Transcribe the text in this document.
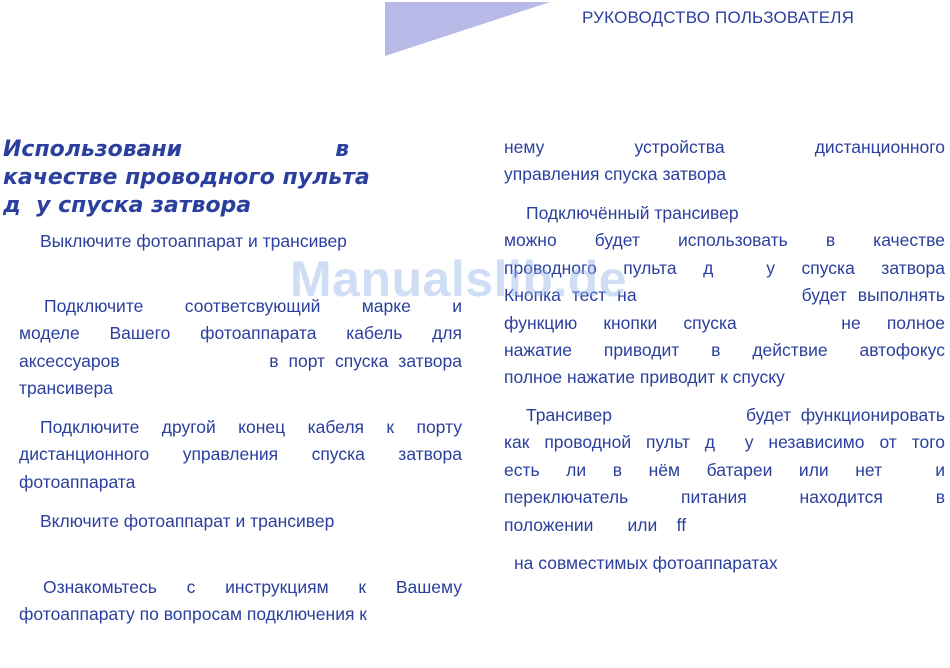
РУКОВОДСТВО ПОЛЬЗОВАТЕЛЯ
Использовани                    в
качестве проводного пульта
д  у спуска затвора

Выключите фотоаппарат и трансивер

Подключите соответсвующий марке и
моделе Вашего фотоаппарата кабель для
аксессуаров               в порт спуска затвора
трансивера

Подключите другой конец кабеля к порту
дистанционного управления спуска затвора
фотоаппарата

Включите фотоаппарат и трансивер

Ознакомьтесь с инструкциям к Вашему
фотоаппарату по вопросам подключения к

нему устройства дистанционного
управления спуска затвора

Подключённый трансивер
можно будет использовать в качестве
проводного пульта д  у спуска затвора
Кнопка тест на               будет выполнять
функцию кнопки спуска    не полное
нажатие приводит в действие автофокус
полное нажатие приводит к спуску

Трансивер              будет функционировать
как проводной пульт д  у независимо от того
есть ли в нём батареи или нет  и
переключатель питания находится в
положении       или    ff

на совместимых фотоаппаратах

Manualslib.de
